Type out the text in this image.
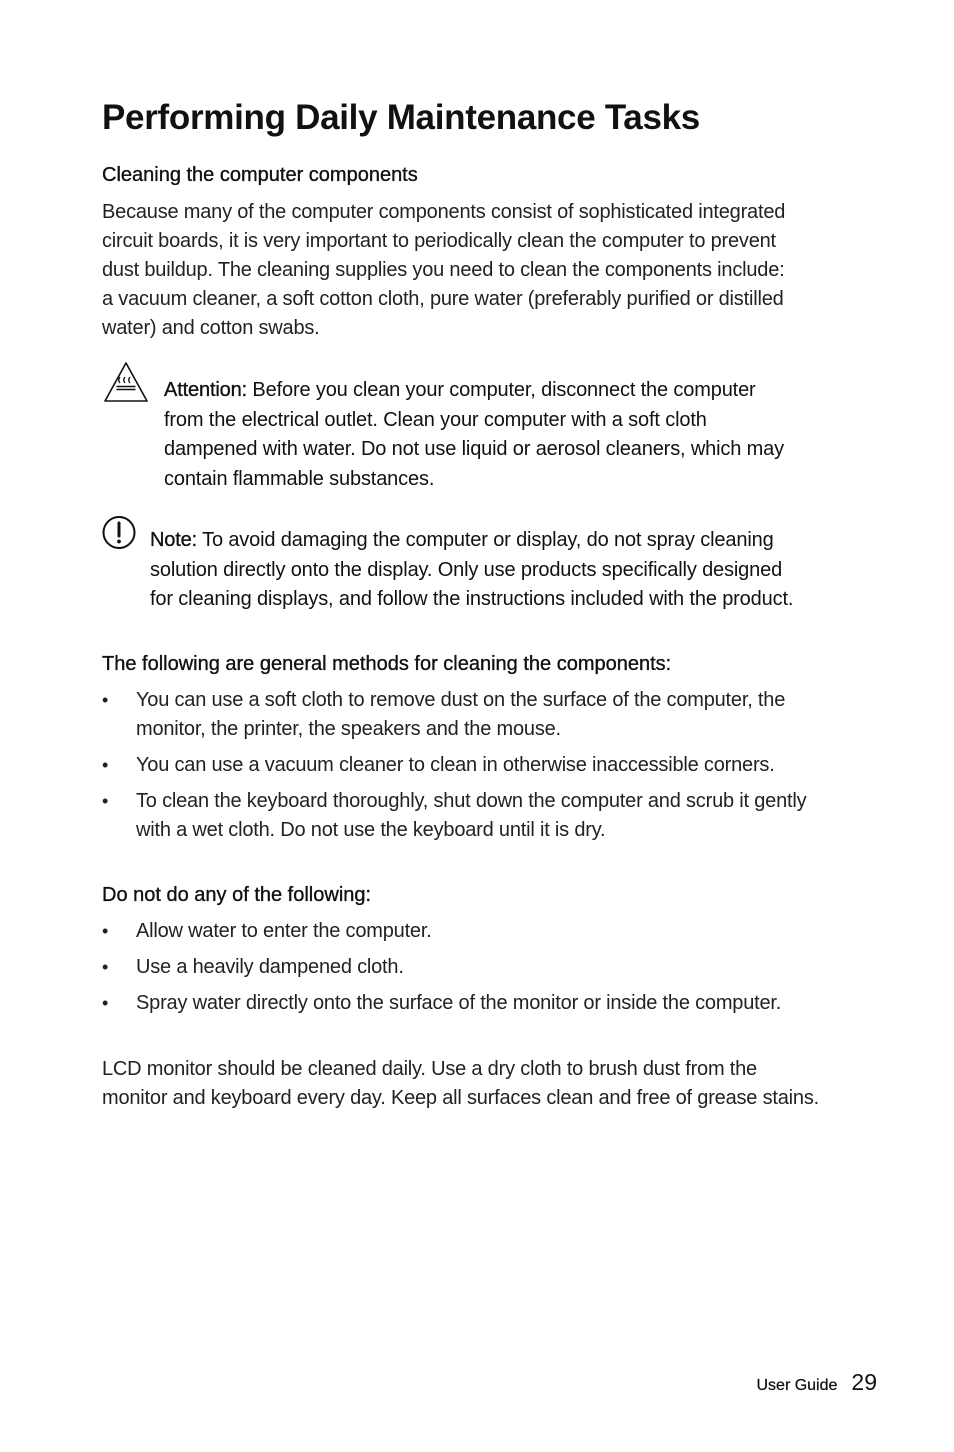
Performing Daily Maintenance Tasks
Cleaning the computer components

Because many of the computer components consist of sophisticated integrated
circuit boards, it is very important to periodically clean the computer to prevent
dust buildup. The cleaning supplies you need to clean the components include:
a vacuum cleaner, a soft cotton cloth, pure water (preferably purified or distilled
water) and cotton swabs.

Attention: Before you clean your computer, disconnect the computer
from the electrical outlet. Clean your computer with a soft cloth
dampened with water. Do not use liquid or aerosol cleaners, which may
contain flammable substances.
Note: To avoid damaging the computer or display, do not spray cleaning
solution directly onto the display. Only use products specifically designed
for cleaning displays, and follow the instructions included with the product.
The following are general methods for cleaning the components:
• You can use a soft cloth to remove dust on the surface of the computer, the
monitor, the printer, the speakers and the mouse.
• You can use a vacuum cleaner to clean in otherwise inaccessible corners.
• To clean the keyboard thoroughly, shut down the computer and scrub it gently
with a wet cloth. Do not use the keyboard until it is dry.
Do not do any of the following:
• Allow water to enter the computer.
• Use a heavily dampened cloth.
• Spray water directly onto the surface of the monitor or inside the computer.

LCD monitor should be cleaned daily. Use a dry cloth to brush dust from the
monitor and keyboard every day. Keep all surfaces clean and free of grease stains.

User Guide 29
